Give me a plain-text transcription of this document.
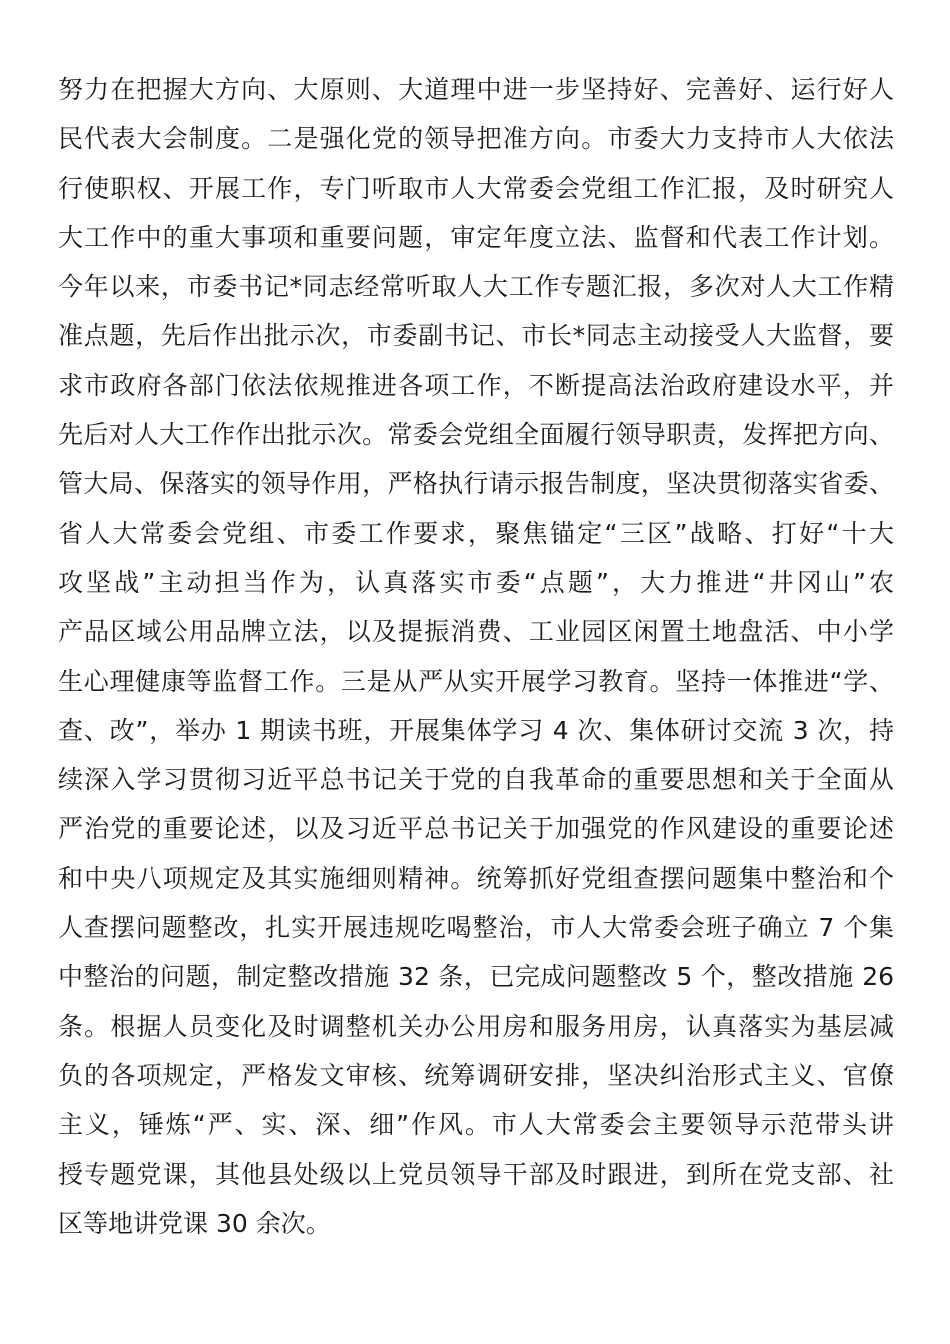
努力在把握大方向、大原则、大道理中进一步坚持好、完善好、运行好人
民代表大会制度。二是强化党的领导把准方向。市委大力支持市人大依法
行使职权、开展工作，专门听取市人大常委会党组工作汇报，及时研究人
大工作中的重大事项和重要问题，审定年度立法、监督和代表工作计划。
今年以来，市委书记*同志经常听取人大工作专题汇报，多次对人大工作精
准点题，先后作出批示次，市委副书记、市长*同志主动接受人大监督，要
求市政府各部门依法依规推进各项工作，不断提高法治政府建设水平，并
先后对人大工作作出批示次。常委会党组全面履行领导职责，发挥把方向、
管大局、保落实的领导作用，严格执行请示报告制度，坚决贯彻落实省委、
省人大常委会党组、市委工作要求，聚焦锚定“三区”战略、打好“十大
攻坚战”主动担当作为，认真落实市委“点题”，大力推进“井冈山”农
产品区域公用品牌立法，以及提振消费、工业园区闲置土地盘活、中小学
生心理健康等监督工作。三是从严从实开展学习教育。坚持一体推进“学、
查、改”，举办 1 期读书班，开展集体学习 4 次、集体研讨交流 3 次，持
续深入学习贯彻习近平总书记关于党的自我革命的重要思想和关于全面从
严治党的重要论述，以及习近平总书记关于加强党的作风建设的重要论述
和中央八项规定及其实施细则精神。统筹抓好党组查摆问题集中整治和个
人查摆问题整改，扎实开展违规吃喝整治，市人大常委会班子确立 7 个集
中整治的问题，制定整改措施 32 条，已完成问题整改 5 个，整改措施 26
条。根据人员变化及时调整机关办公用房和服务用房，认真落实为基层减
负的各项规定，严格发文审核、统筹调研安排，坚决纠治形式主义、官僚
主义，锤炼“严、实、深、细”作风。市人大常委会主要领导示范带头讲
授专题党课，其他县处级以上党员领导干部及时跟进，到所在党支部、社
区等地讲党课 30 余次。
